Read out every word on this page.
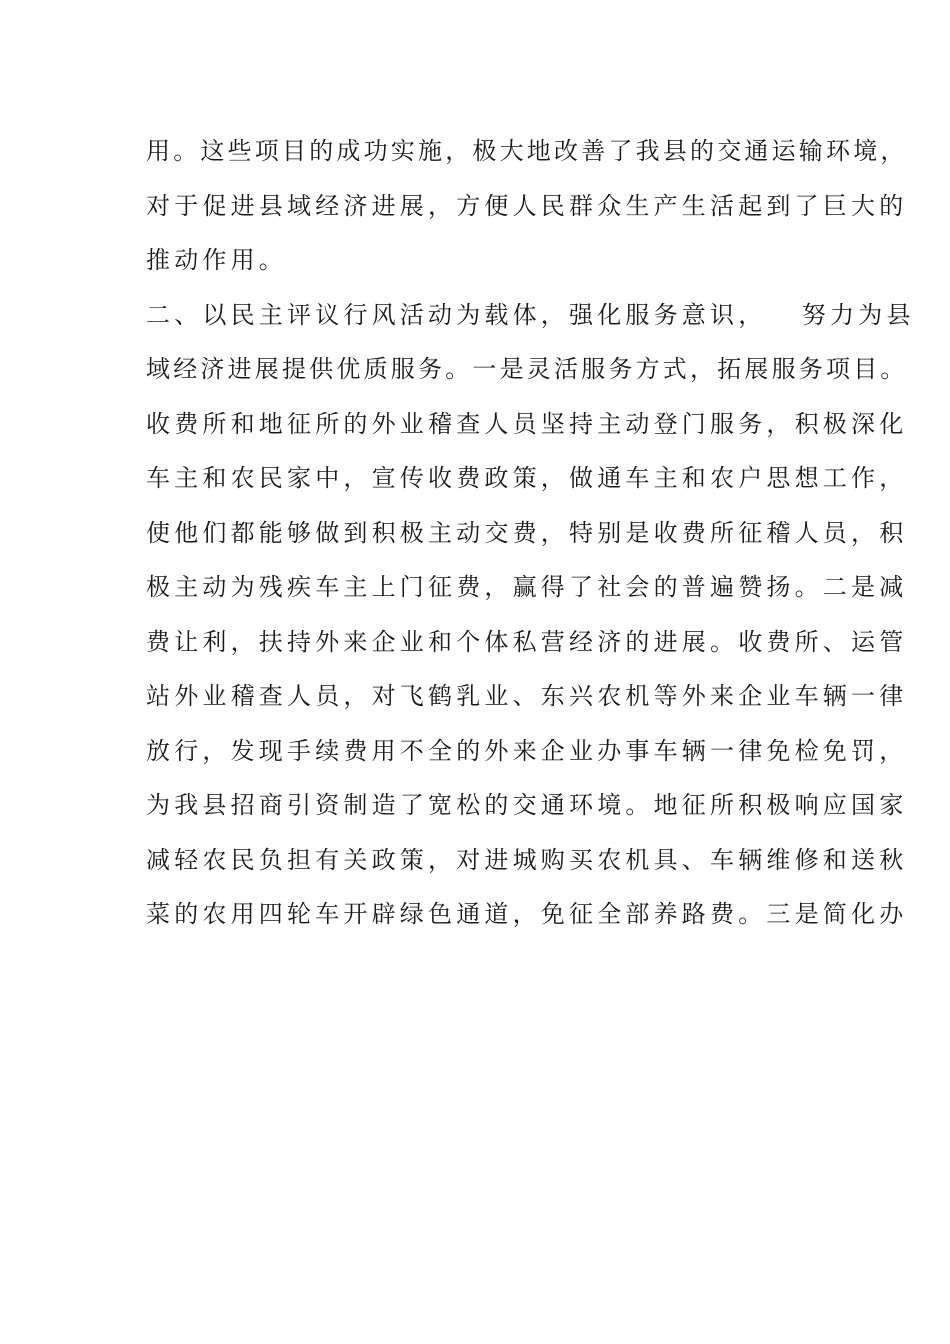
用。这些项目的成功实施，极大地改善了我县的交通运输环境，
对于促进县域经济进展，方便人民群众生产生活起到了巨大的
推动作用。
二、以民主评议行风活动为载体，强化服务意识，   努力为县
域经济进展提供优质服务。一是灵活服务方式，拓展服务项目。
收费所和地征所的外业稽查人员坚持主动登门服务，积极深化
车主和农民家中，宣传收费政策，做通车主和农户思想工作，
使他们都能够做到积极主动交费，特别是收费所征稽人员，积
极主动为残疾车主上门征费，赢得了社会的普遍赞扬。二是减
费让利，扶持外来企业和个体私营经济的进展。收费所、运管
站外业稽查人员，对飞鹤乳业、东兴农机等外来企业车辆一律
放行，发现手续费用不全的外来企业办事车辆一律免检免罚，
为我县招商引资制造了宽松的交通环境。地征所积极响应国家
减轻农民负担有关政策，对进城购买农机具、车辆维修和送秋
菜的农用四轮车开辟绿色通道，免征全部养路费。三是简化办
